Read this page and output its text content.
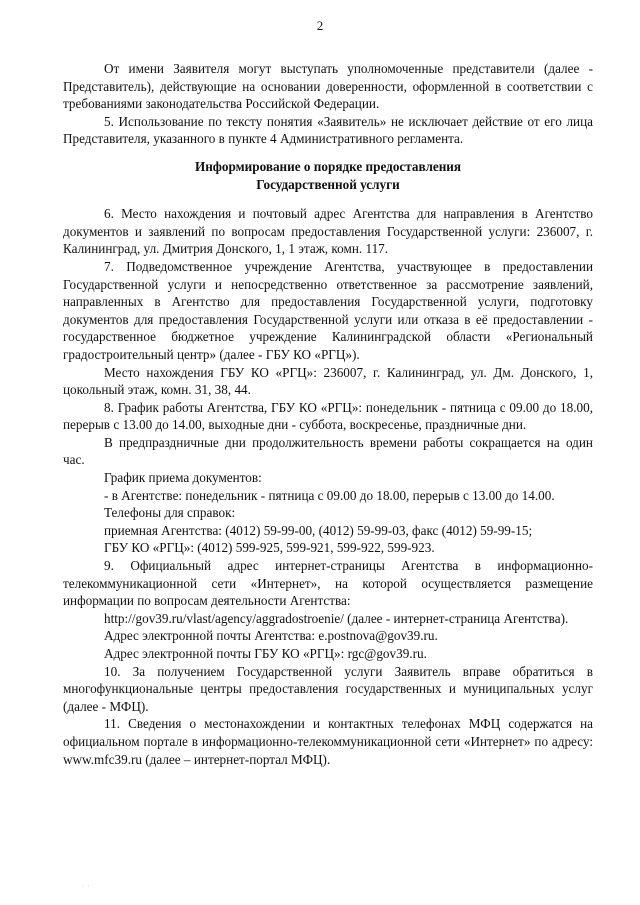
2

От имени Заявителя могут выступать уполномоченные представители (далее - Представитель), действующие на основании доверенности, оформленной в соответствии с требованиями законодательства Российской Федерации.

5. Использование по тексту понятия «Заявитель» не исключает действие от его лица Представителя, указанного в пункте 4 Административного регламента.

Информирование о порядке предоставления
Государственной услуги

6. Место нахождения и почтовый адрес Агентства для направления в Агентство документов и заявлений по вопросам предоставления Государственной услуги: 236007, г. Калининград, ул. Дмитрия Донского, 1, 1 этаж, комн. 117.

7. Подведомственное учреждение Агентства, участвующее в предоставлении Государственной услуги и непосредственно ответственное за рассмотрение заявлений, направленных в Агентство для предоставления Государственной услуги, подготовку документов для предоставления Государственной услуги или отказа в её предоставлении - государственное бюджетное учреждение Калининградской области «Региональный градостроительный центр» (далее - ГБУ КО «РГЦ»).

Место нахождения ГБУ КО «РГЦ»: 236007, г. Калининград, ул. Дм. Донского, 1, цокольный этаж, комн. 31, 38, 44.

8. График работы Агентства, ГБУ КО «РГЦ»: понедельник - пятница с 09.00 до 18.00, перерыв с 13.00 до 14.00, выходные дни - суббота, воскресенье, праздничные дни.

В предпраздничные дни продолжительность времени работы сокращается на один час.

График приема документов:

- в Агентстве: понедельник - пятница с 09.00 до 18.00, перерыв с 13.00 до 14.00.

Телефоны для справок:

приемная Агентства: (4012) 59-99-00, (4012) 59-99-03, факс (4012) 59-99-15;

ГБУ КО «РГЦ»: (4012) 599-925, 599-921, 599-922, 599-923.

9. Официальный адрес интернет-страницы Агентства в информационно-телекоммуникационной сети «Интернет», на которой осуществляется размещение информации по вопросам деятельности Агентства:

http://gov39.ru/vlast/agency/aggradostroenie/ (далее - интернет-страница Агентства).

Адрес электронной почты Агентства: e.postnova@gov39.ru.

Адрес электронной почты ГБУ КО «РГЦ»: rgc@gov39.ru.

10. За получением Государственной услуги Заявитель вправе обратиться в многофункциональные центры предоставления государственных и муниципальных услуг (далее - МФЦ).

11. Сведения о местонахождении и контактных телефонах МФЦ содержатся на официальном портале в информационно-телекоммуникационной сети «Интернет» по адресу: www.mfc39.ru (далее – интернет-портал МФЦ).

· ·
